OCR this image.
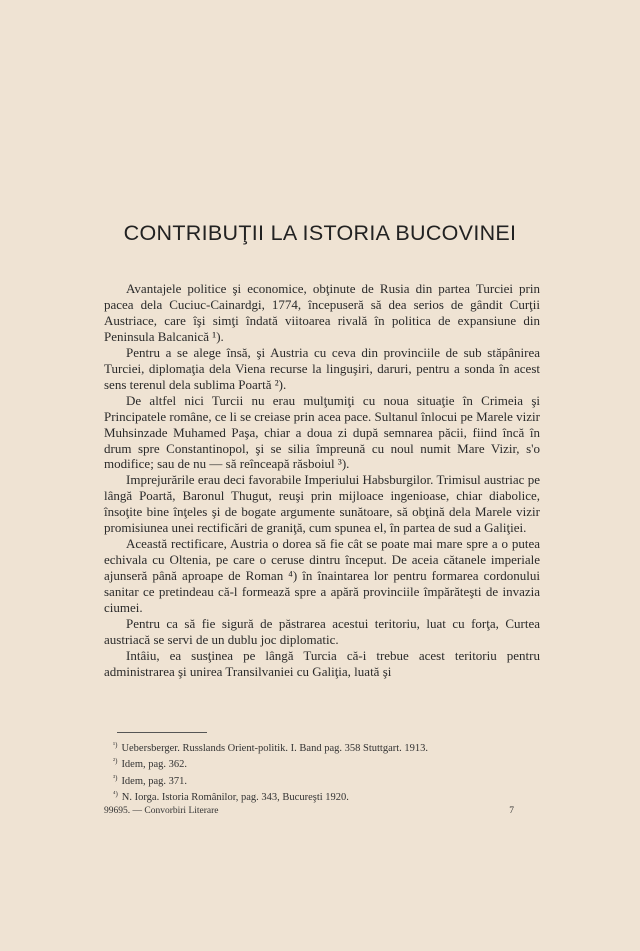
CONTRIBUŢII LA ISTORIA BUCOVINEI

Avantajele politice şi economice, obţinute de Rusia din partea Turciei prin pacea dela Cuciuc-Cainardgi, 1774, începuseră să dea serios de gândit Curţii Austriace, care îşi simţi îndată viitoarea rivală în politica de expansiune din Peninsula Balcanică ¹).

Pentru a se alege însă, şi Austria cu ceva din provinciile de sub stăpânirea Turciei, diplomaţia dela Viena recurse la linguşiri, daruri, pentru a sonda în acest sens terenul dela sublima Poartă ²).

De altfel nici Turcii nu erau mulţumiţi cu noua situaţie în Crimeia şi Principatele române, ce li se creiase prin acea pace. Sultanul înlocui pe Marele vizir Muhsinzade Muhamed Paşa, chiar a doua zi după semnarea păcii, fiind încă în drum spre Constantinopol, şi se silia împreună cu noul numit Mare Vizir, s'o modifice; sau de nu — să reînceapă răsboiul ³).

Imprejurările erau deci favorabile Imperiului Habsburgilor. Trimisul austriac pe lângă Poartă, Baronul Thugut, reuşi prin mijloace ingenioase, chiar diabolice, însoţite bine înţeles şi de bogate argumente sunătoare, să obţină dela Marele vizir promisiunea unei rectificări de graniţă, cum spunea el, în partea de sud a Galiţiei.

Această rectificare, Austria o dorea să fie cât se poate mai mare spre a o putea echivala cu Oltenia, pe care o ceruse dintru început. De aceia cătanele imperiale ajunseră până aproape de Roman ⁴) în înaintarea lor pentru formarea cordonului sanitar ce pretindeau că-l formează spre a apără provinciile împărăteşti de invazia ciumei.

Pentru ca să fie sigură de păstrarea acestui teritoriu, luat cu forţa, Curtea austriacă se servi de un dublu joc diplomatic.

Intâiu, ea susţinea pe lângă Turcia că-i trebue acest teritoriu pentru administrarea şi unirea Transilvaniei cu Galiţia, luată şi

$^{^1)}$ Uebersberger. Russlands Orient-politik. I. Band pag. 358 Stuttgart. 1913.
$^{^2)}$ Idem, pag. 362.
$^{^3)}$ Idem, pag. 371.
$^{^4)}$ N. Iorga. Istoria Românilor, pag. 343, Bucureşti 1920.
99695. — Convorbiri Literare	7
